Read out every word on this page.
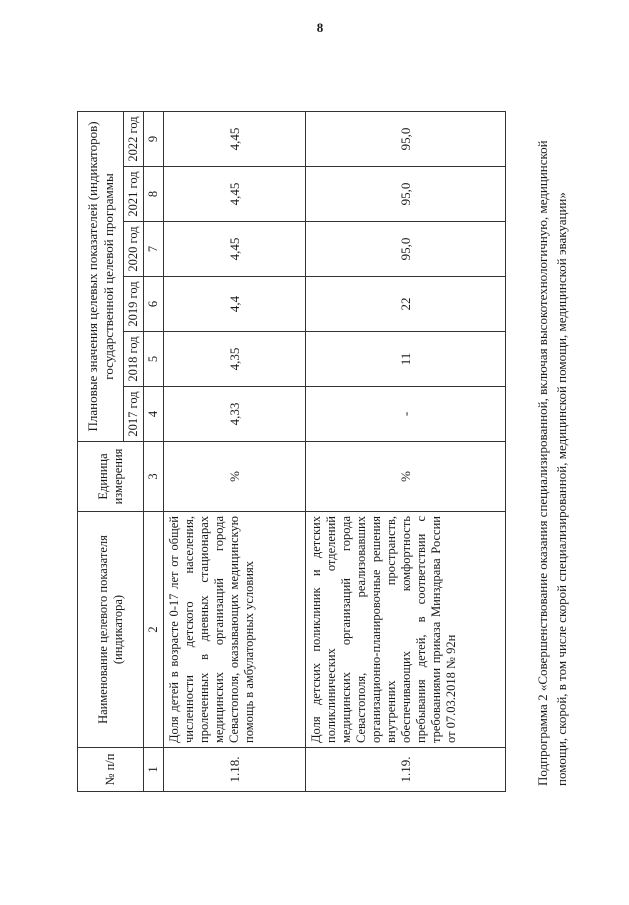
8
№ п/п	Наименование целевого показателя (индикатора)	Единица измерения	Плановые значения целевых показателей (индикаторов) государственной целевой программы					
			2017 год	2018 год	2019 год	2020 год	2021 год	2022 год
1	2	3	4	5	6	7	8	9
1.18.	Доля детей в возрасте 0-17 лет от общей численности детского населения, пролеченных в дневных стационарах медицинских организаций города Севастополя, оказывающих медицинскую помощь в амбулаторных условиях	%	4,33	4,35	4,4	4,45	4,45	4,45
1.19.	Доля детских поликлиник и детских поликлинических отделений медицинских организаций города Севастополя, реализовавших организационно-планировочные решения внутренних пространств, обеспечивающих комфортность пребывания детей, в соответствии с требованиями приказа Минздрава России от 07.03.2018 № 92н	%	-	11	22	95,0	95,0	95,0
Подпрограмма 2 «Совершенствование оказания специализированной, включая высокотехнологичную, медицинской помощи, скорой, в том числе скорой специализированной, медицинской помощи, медицинской эвакуации»
